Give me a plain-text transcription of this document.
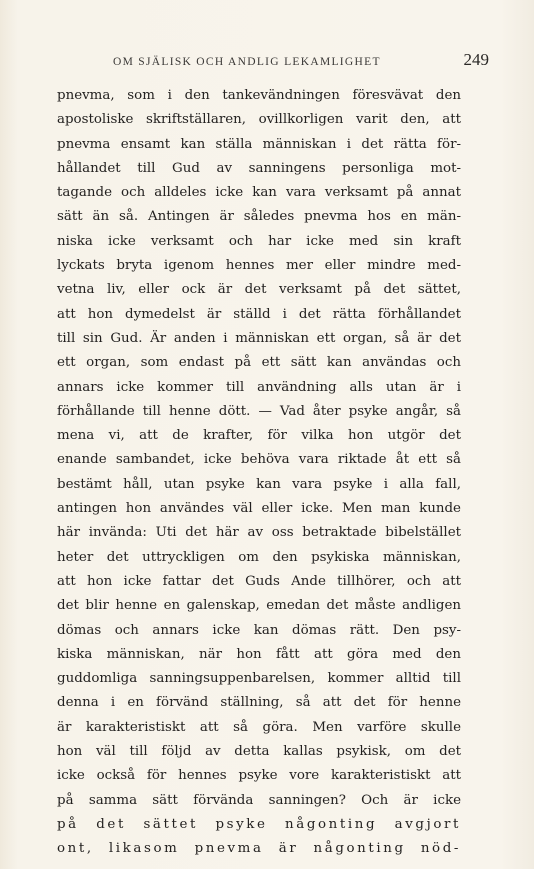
OM SJÄLISK OCH ANDLIG LEKAMLIGHET	249
pnevma, som i den tankevändningen föresvävat den
apostoliske skriftställaren, ovillkorligen varit den, att
pnevma ensamt kan ställa människan i det rätta för-
hållandet till Gud av sanningens personliga mot-
tagande och alldeles icke kan vara verksamt på annat
sätt än så. Antingen är således pnevma hos en män-
niska icke verksamt och har icke med sin kraft
lyckats bryta igenom hennes mer eller mindre med-
vetna liv, eller ock är det verksamt på det sättet,
att hon dymedelst är ställd i det rätta förhållandet
till sin Gud. Är anden i människan ett organ, så är det
ett organ, som endast på ett sätt kan användas och
annars icke kommer till användning alls utan är i
förhållande till henne dött. — Vad åter psyke angår, så
mena vi, att de krafter, för vilka hon utgör det
enande sambandet, icke behöva vara riktade åt ett så
bestämt håll, utan psyke kan vara psyke i alla fall,
antingen hon användes väl eller icke. Men man kunde
här invända: Uti det här av oss betraktade bibelstället
heter det uttryckligen om den psykiska människan,
att hon icke fattar det Guds Ande tillhörer, och att
det blir henne en galenskap, emedan det måste andligen
dömas och annars icke kan dömas rätt. Den psy-
kiska människan, när hon fått att göra med den
guddomliga sanningsuppenbarelsen, kommer alltid till
denna i en förvänd ställning, så att det för henne
är karakteristiskt att så göra. Men varföre skulle
hon väl till följd av detta kallas psykisk, om det
icke också för hennes psyke vore karakteristiskt att
på samma sätt förvända sanningen? Och är icke
på det sättet psyke någonting avgjort
ont, likasom pnevma är någonting nöd-
